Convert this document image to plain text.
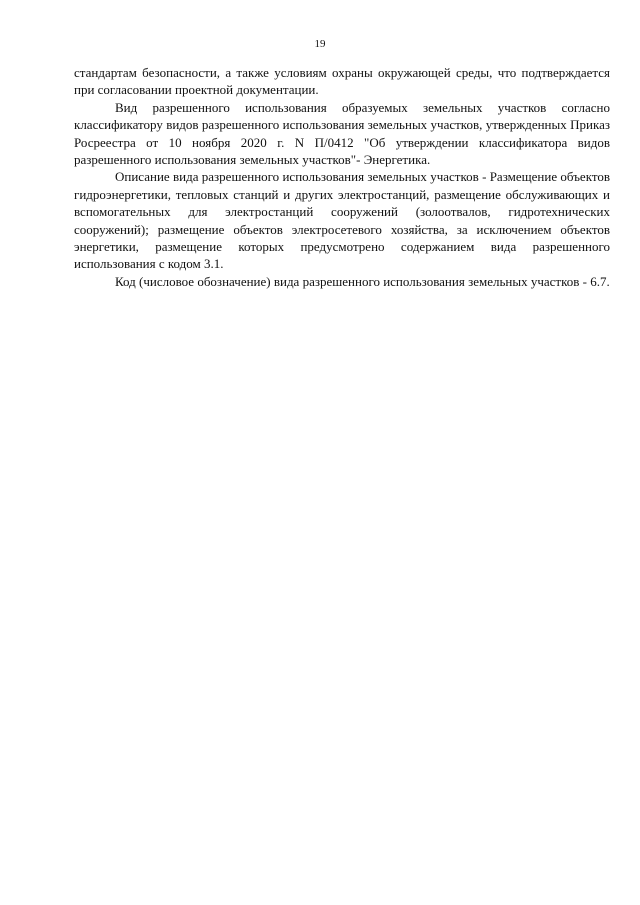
19

стандартам безопасности, а также условиям охраны окружающей среды, что подтверждается при согласовании проектной документации.

Вид разрешенного использования образуемых земельных участков согласно классификатору видов разрешенного использования земельных участков, утвержденных Приказ Росреестра от 10 ноября 2020 г. N П/0412 "Об утверждении классификатора видов разрешенного использования земельных участков"- Энергетика.

Описание вида разрешенного использования земельных участков - Размещение объектов гидроэнергетики, тепловых станций и других электростанций, размещение обслуживающих и вспомогательных для электростанций сооружений (золоотвалов, гидротехнических сооружений); размещение объектов электросетевого хозяйства, за исключением объектов энергетики, размещение которых предусмотрено содержанием вида разрешенного использования с кодом 3.1.

Код (числовое обозначение) вида разрешенного использования земельных участков - 6.7.
